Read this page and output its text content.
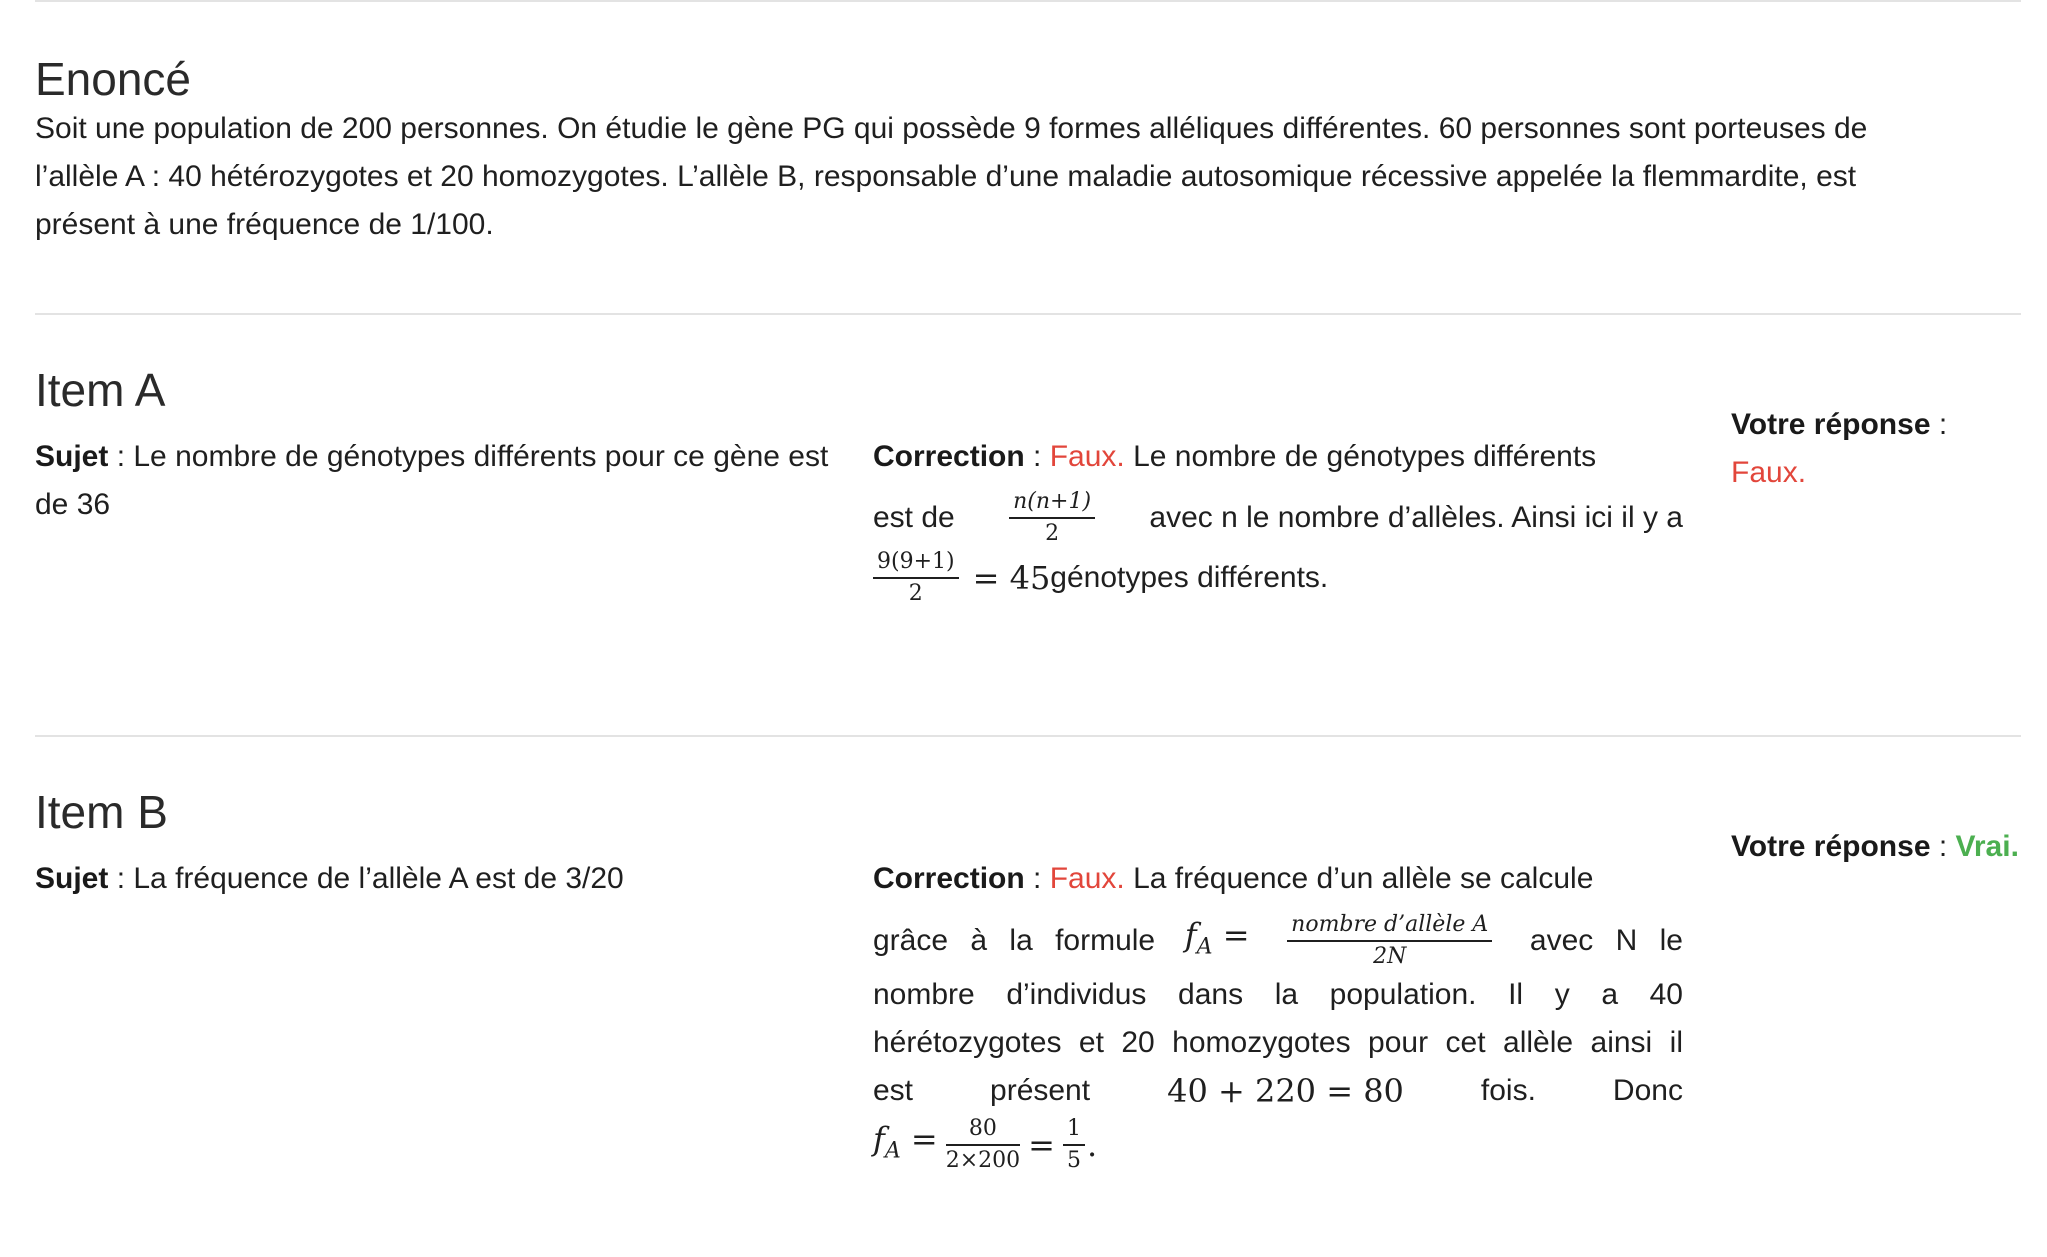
Enoncé
Soit une population de 200 personnes. On étudie le gène PG qui possède 9 formes alléliques différentes. 60 personnes sont porteuses de
l’allèle A : 40 hétérozygotes et 20 homozygotes. L’allèle B, responsable d’une maladie autosomique récessive appelée la flemmardite, est
présent à une fréquence de 1/100.
Item A
Sujet : Le nombre de génotypes différents pour ce gène est de 36
Correction : Faux. Le nombre de génotypes différents
est de $\frac{n(n+1)}{2}$ avec n le nombre d’allèles. Ainsi ici il y a
$\frac{9(9+1)}{2} = 45$ génotypes différents.
Votre réponse :
Faux.
Item B
Sujet : La fréquence de l’allèle A est de 3/20	Correction : Faux. La fréquence d’un allèle se calcule
grâce à la formule $f_A = \frac{\text{nombre d’allèle A}}{2N}$ avec N le
nombre d’individus dans la population. Il y a 40
hérétozygotes et 20 homozygotes pour cet allèle ainsi il
est	présent 40 + 220 = 80	fois.	Donc
$f_A = \frac{80}{2\times 200} = \frac{1}{5}$ .
Votre réponse : Vrai.
